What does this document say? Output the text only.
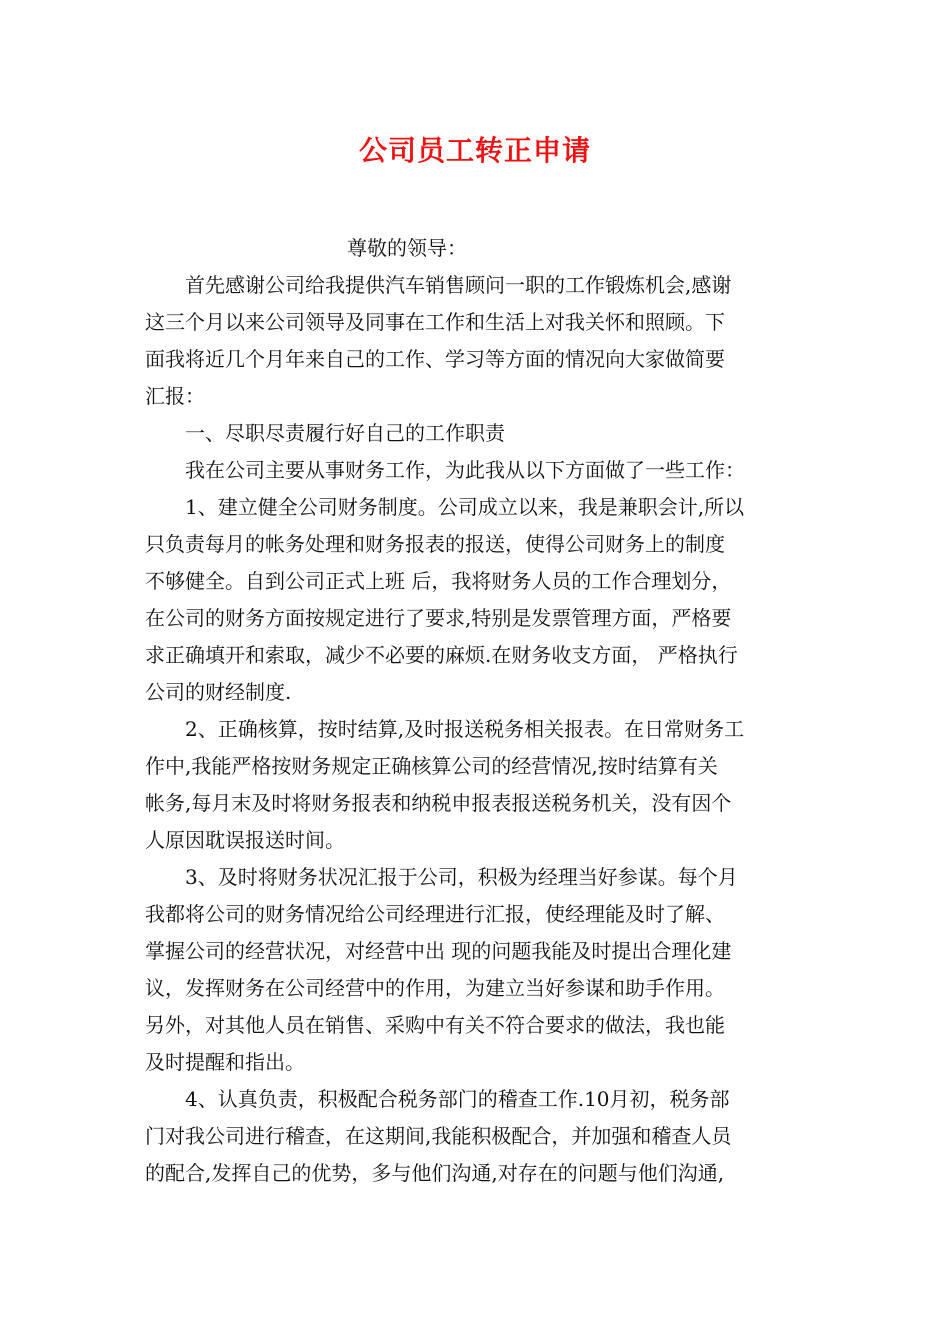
公司员工转正申请
尊敬的领导：
首先感谢公司给我提供汽车销售顾问一职的工作锻炼机会,感谢
这三个月以来公司领导及同事在工作和生活上对我关怀和照顾。下
面我将近几个月年来自己的工作、学习等方面的情况向大家做简要
汇报：
一、尽职尽责履行好自己的工作职责
我在公司主要从事财务工作，为此我从以下方面做了一些工作：
1、建立健全公司财务制度。公司成立以来，我是兼职会计,所以
只负责每月的帐务处理和财务报表的报送，使得公司财务上的制度
不够健全。自到公司正式上班 后，我将财务人员的工作合理划分，
在公司的财务方面按规定进行了要求,特别是发票管理方面，严格要
求正确填开和索取，减少不必要的麻烦.在财务收支方面， 严格执行
公司的财经制度.
2、正确核算，按时结算,及时报送税务相关报表。在日常财务工
作中,我能严格按财务规定正确核算公司的经营情况,按时结算有关
帐务,每月末及时将财务报表和纳税申报表报送税务机关，没有因个
人原因耽误报送时间。
3、及时将财务状况汇报于公司，积极为经理当好参谋。每个月
我都将公司的财务情况给公司经理进行汇报，使经理能及时了解、
掌握公司的经营状况，对经营中出 现的问题我能及时提出合理化建
议，发挥财务在公司经营中的作用，为建立当好参谋和助手作用。
另外，对其他人员在销售、采购中有关不符合要求的做法，我也能
及时提醒和指出。
4、认真负责，积极配合税务部门的稽查工作.10月初，税务部
门对我公司进行稽查，在这期间,我能积极配合，并加强和稽查人员
的配合,发挥自己的优势，多与他们沟通,对存在的问题与他们沟通,
